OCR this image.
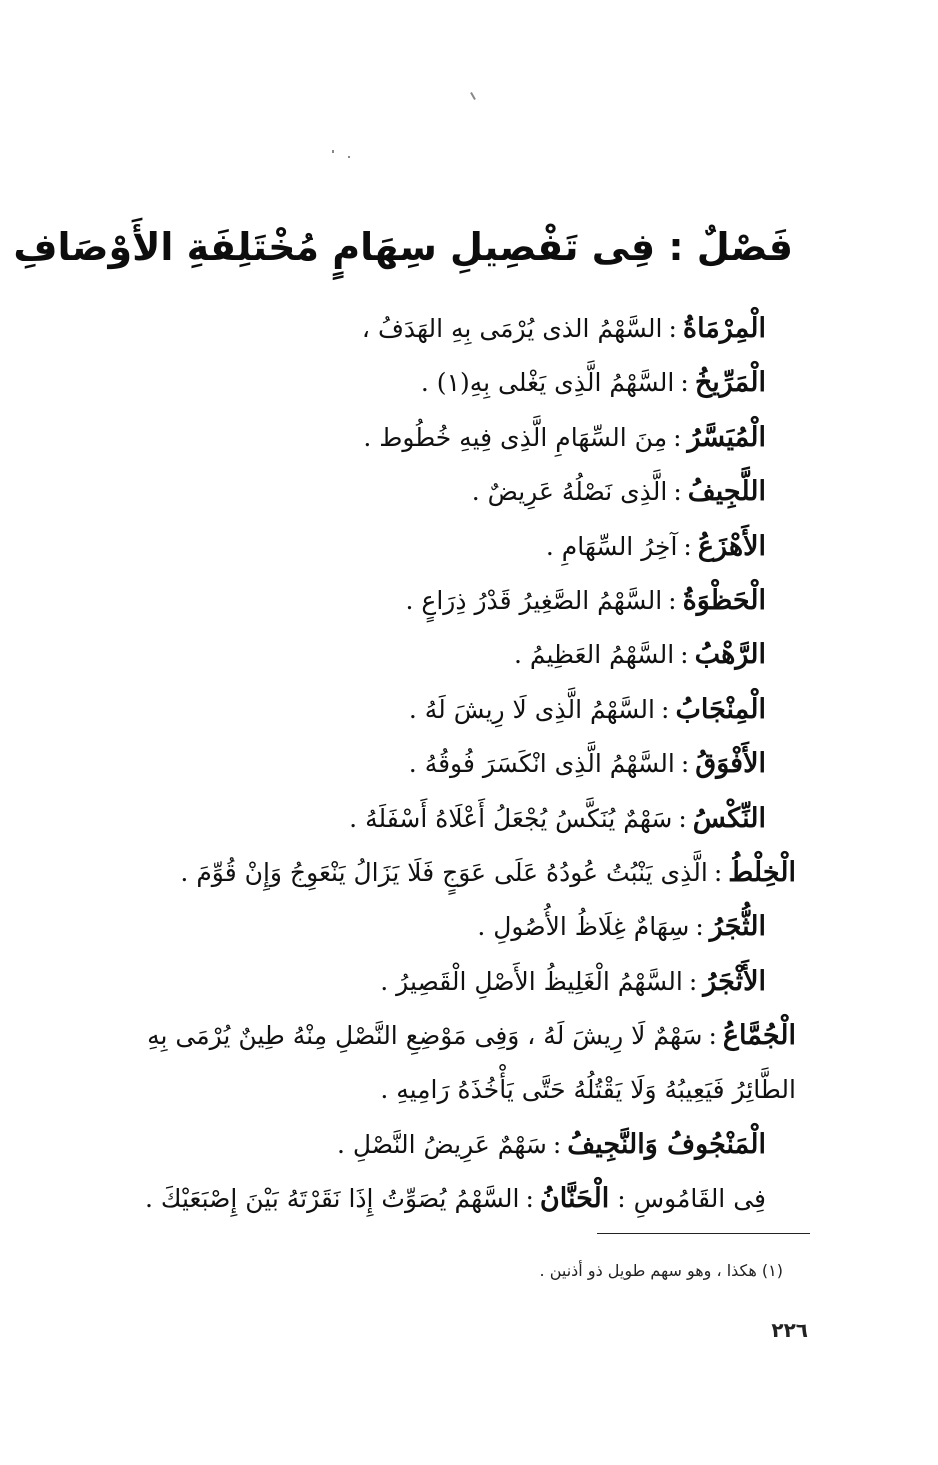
فَصْلٌ : فِى تَفْصِيلِ سِهَامٍ مُخْتَلِفَةِ الأَوْصَافِ
الْمِرْمَاةُ:السَّهْمُ الذى يُرْمَى بِهِ الهَدَفُ ،
الْمَرِّيخُ:السَّهْمُ الَّذِى يَغْلى بِهِ(١) .
الْمُيَسَّرُ:مِنَ السِّهَامِ الَّذِى فِيهِ خُطُوط .
اللَّجِيفُ:الَّذِى نَصْلُهُ عَرِيضٌ .
الأَهْزَعُ:آخِرُ السِّهَامِ .
الْحَظْوَةُ:السَّهْمُ الصَّغِيرُ قَدْرُ ذِرَاعٍ .
الرَّهْبُ:السَّهْمُ العَظِيمُ .
الْمِنْجَابُ:السَّهْمُ الَّذِى لَا رِيشَ لَهُ .
الأَفْوَقُ:السَّهْمُ الَّذِى انْكَسَرَ فُوقُهُ .
النِّكْسُ:سَهْمٌ يُنَكَّسُ يُجْعَلُ أَعْلَاهُ أَسْفَلَهُ .
الْخِلْطُ:الَّذِى يَنْبُتُ عُودُهُ عَلَى عَوَجٍ فَلَا يَزَالُ يَنْعَوِجُ وَإِنْ قُوِّمَ .
الثُّجَرُ:سِهَامٌ غِلَاظُ الأُصُولِ .
الأَثْجَرُ:السَّهْمُ الْغَلِيظُ الأَصْلِ الْقَصِيرُ .
الْجُمَّاعُ:سَهْمٌ لَا رِيشَ لَهُ ، وَفِى مَوْضِعِ النَّصْلِ مِنْهُ طِينٌ يُرْمَى بِهِ الطَّائِرُ فَيَعِيبُهُ وَلَا يَقْتُلُهُ حَتَّى يَأْخُذَهُ رَامِيهِ .
الْمَنْجُوفُ وَالنَّجِيفُ:سَهْمٌ عَرِيضُ النَّصْلِ .
فِى القَامُوسِ : الْحَنَّانُ:السَّهْمُ يُصَوِّتُ إِذَا نَقَرْتَهُ بَيْنَ إِصْبَعَيْكَ .
(١) هكذا ، وهو سهم طويل ذو أذنين .
٢٢٦
